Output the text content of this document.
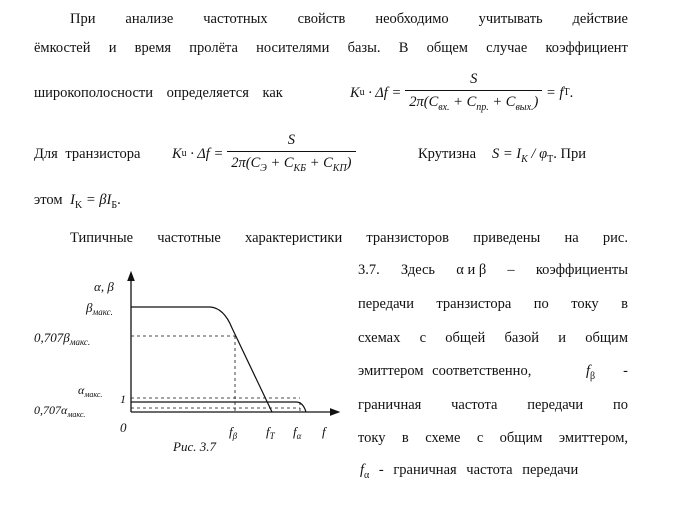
При анализе частотных свойств необходимо учитывать действие
ёмкостей и время пролёта носителями базы. В общем случае коэффициент
широкополосности определяется как	K $u \cdot \Delta f = \frac{S}{2\pi(C_{вх.} + C_{пр.} + C_{вых.})} = f$ T .
Для транзистора K $u \cdot \Delta f = \frac{S}{2\pi(C_Э + C_{КБ} + C_{КП})}$	Крутизна $S = I_K / \varphi_T$. При
этом $I_K = \beta I_Б$.
Типичные частотные характеристики транзисторов приведены на рис.
3.7. Здесь α и β – коэффициенты
передачи транзистора по току в
схемах с общей базой и общим
эмиттером соответственно,	$f_\beta$ -
граничная частота передачи по
току в схеме с общим эмиттером,
$f_\alpha$ - граничная частота передачи
α, β
$\beta_{макс.}$
$0,707\beta_{макс.}$
$\alpha_{макс.}$
$0,707\alpha_{макс.}$
1
0	$f_\beta$ $f_T$ $f_\alpha$ f
Рис. 3.7
